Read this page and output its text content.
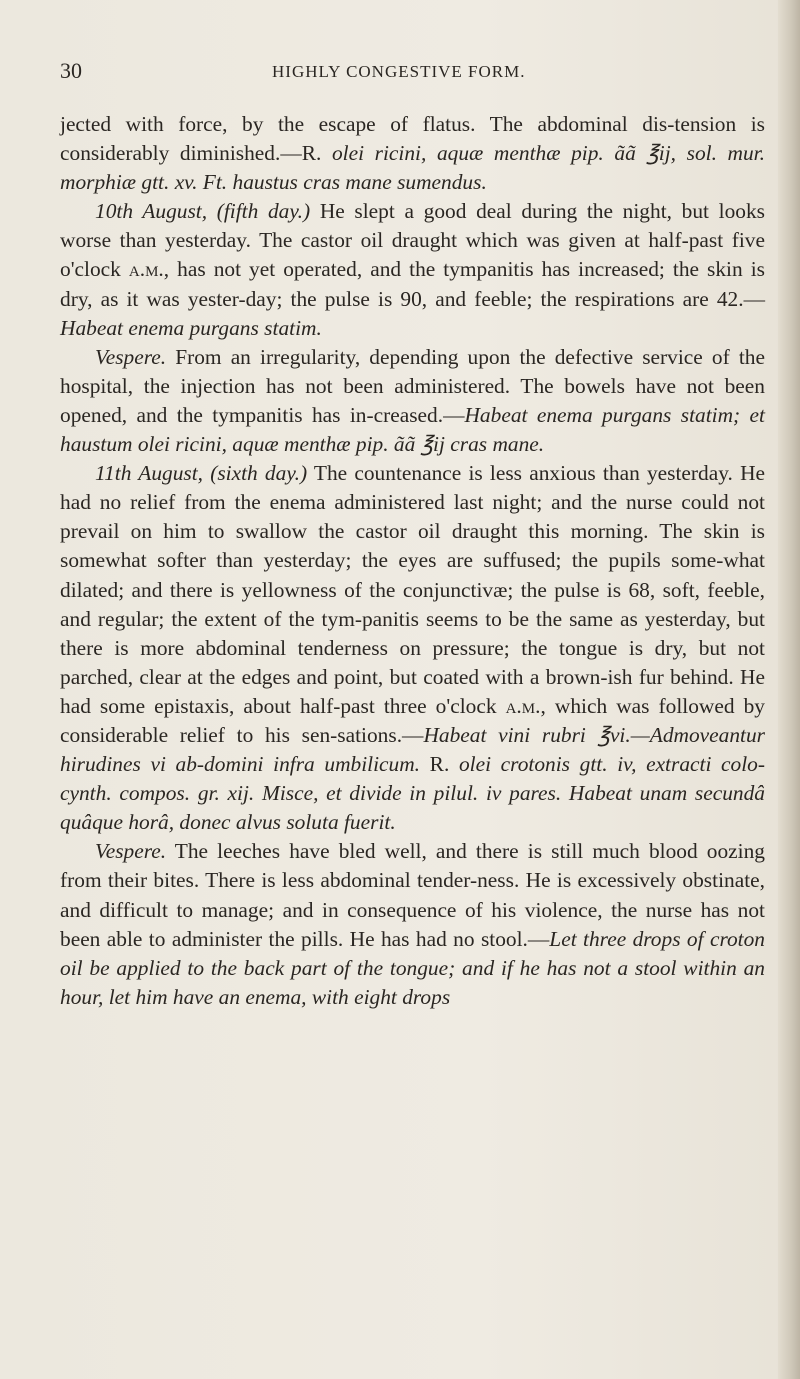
30	HIGHLY CONGESTIVE FORM.

jected with force, by the escape of flatus. The abdominal dis-tension is considerably diminished.—R. olei ricini, aquæ menthæ pip. ãã ℥ij, sol. mur. morphiæ gtt. xv. Ft. haustus cras mane sumendus.

10th August, (fifth day.) He slept a good deal during the night, but looks worse than yesterday. The castor oil draught which was given at half-past five o'clock a.m., has not yet operated, and the tympanitis has increased; the skin is dry, as it was yester-day; the pulse is 90, and feeble; the respirations are 42.—Habeat enema purgans statim.

Vespere. From an irregularity, depending upon the defective service of the hospital, the injection has not been administered. The bowels have not been opened, and the tympanitis has in-creased.—Habeat enema purgans statim; et haustum olei ricini, aquæ menthæ pip. ãã ℥ij cras mane.

11th August, (sixth day.) The countenance is less anxious than yesterday. He had no relief from the enema administered last night; and the nurse could not prevail on him to swallow the castor oil draught this morning. The skin is somewhat softer than yesterday; the eyes are suffused; the pupils some-what dilated; and there is yellowness of the conjunctivæ; the pulse is 68, soft, feeble, and regular; the extent of the tym-panitis seems to be the same as yesterday, but there is more abdominal tenderness on pressure; the tongue is dry, but not parched, clear at the edges and point, but coated with a brown-ish fur behind. He had some epistaxis, about half-past three o'clock a.m., which was followed by considerable relief to his sen-sations.—Habeat vini rubri ℥vi.—Admoveantur hirudines vi ab-domini infra umbilicum. R. olei crotonis gtt. iv, extracti colo-cynth. compos. gr. xij. Misce, et divide in pilul. iv pares. Habeat unam secundâ quâque horâ, donec alvus soluta fuerit.

Vespere. The leeches have bled well, and there is still much blood oozing from their bites. There is less abdominal tender-ness. He is excessively obstinate, and difficult to manage; and in consequence of his violence, the nurse has not been able to administer the pills. He has had no stool.—Let three drops of croton oil be applied to the back part of the tongue; and if he has not a stool within an hour, let him have an enema, with eight drops
